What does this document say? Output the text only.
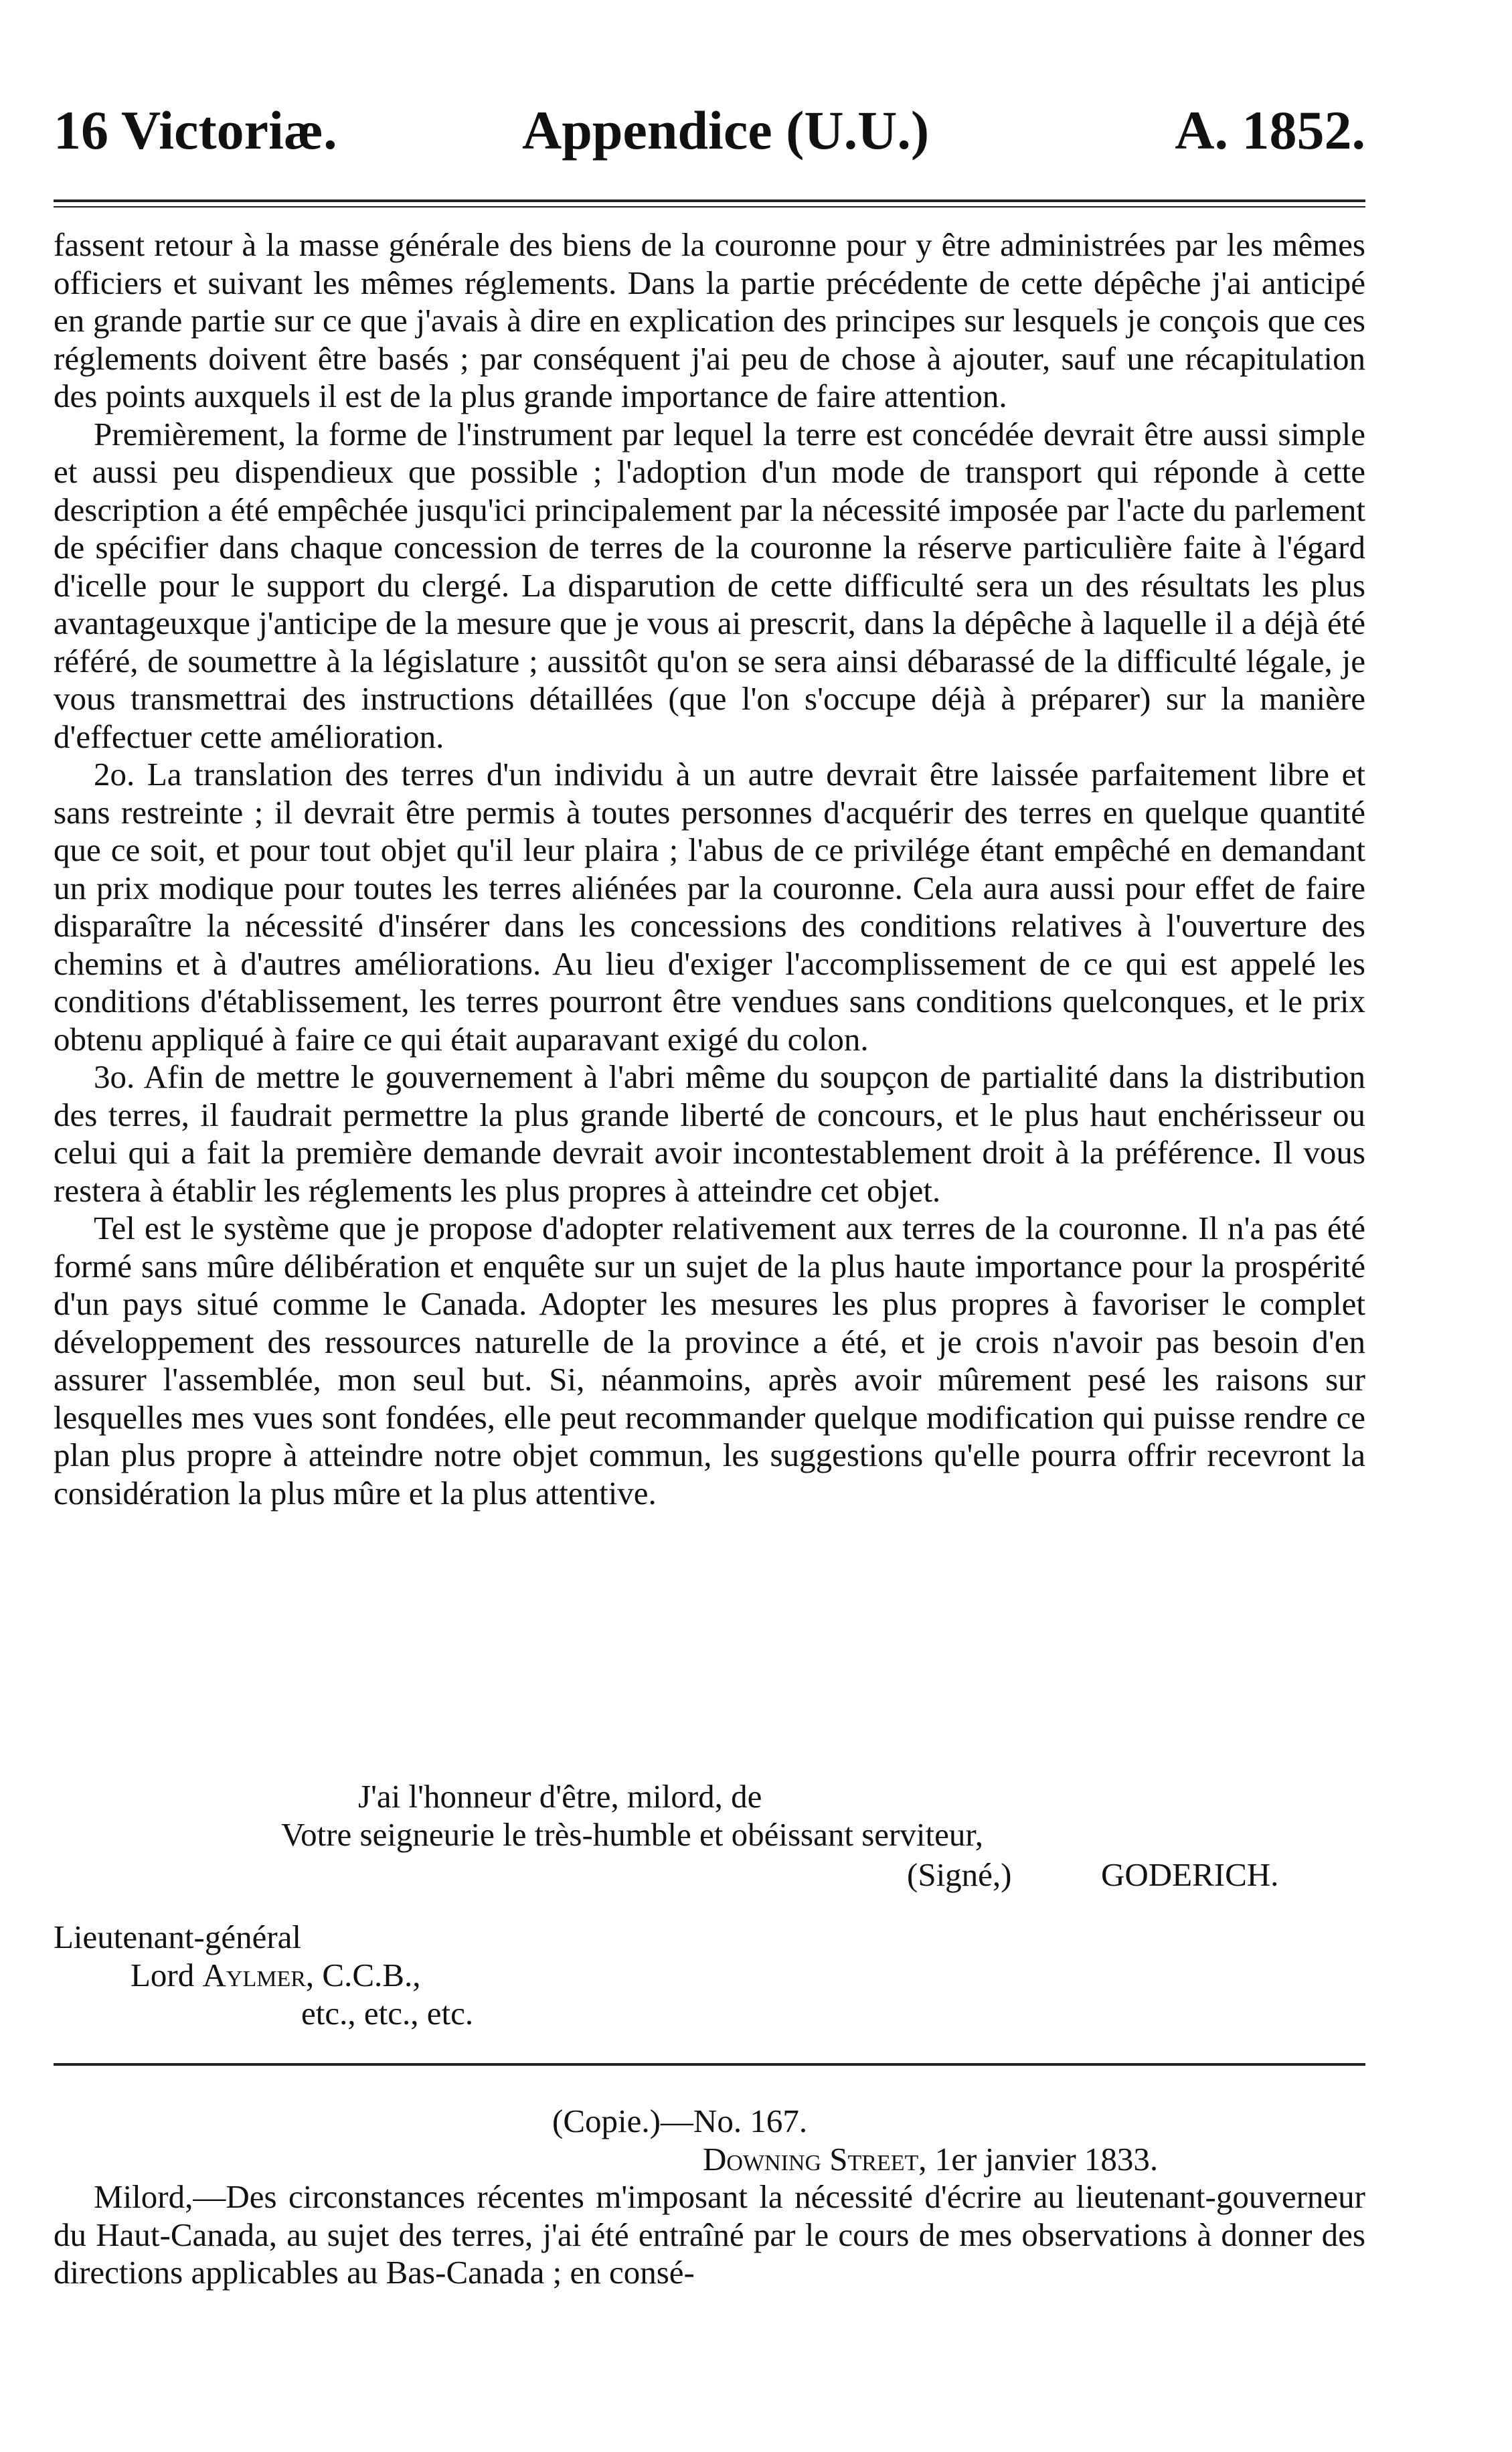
16 Victoriæ.	Appendice (U.U.)	A. 1852.

fassent retour à la masse générale des biens de la couronne pour y être administrées par les mêmes officiers et suivant les mêmes réglements. Dans la partie précédente de cette dépêche j'ai anticipé en grande partie sur ce que j'avais à dire en explication des principes sur lesquels je conçois que ces réglements doivent être basés ; par conséquent j'ai peu de chose à ajouter, sauf une récapitulation des points auxquels il est de la plus grande importance de faire attention.

Premièrement, la forme de l'instrument par lequel la terre est concédée devrait être aussi simple et aussi peu dispendieux que possible ; l'adoption d'un mode de transport qui réponde à cette description a été empêchée jusqu'ici principalement par la nécessité imposée par l'acte du parlement de spécifier dans chaque concession de terres de la couronne la réserve particulière faite à l'égard d'icelle pour le support du clergé. La disparution de cette difficulté sera un des résultats les plus avantageuxque j'anticipe de la mesure que je vous ai prescrit, dans la dépêche à laquelle il a déjà été référé, de soumettre à la législature ; aussitôt qu'on se sera ainsi débarassé de la difficulté légale, je vous transmettrai des instructions détaillées (que l'on s'occupe déjà à préparer) sur la manière d'effectuer cette amélioration.

2o. La translation des terres d'un individu à un autre devrait être laissée parfaitement libre et sans restreinte ; il devrait être permis à toutes personnes d'acquérir des terres en quelque quantité que ce soit, et pour tout objet qu'il leur plaira ; l'abus de ce privilége étant empêché en demandant un prix modique pour toutes les terres aliénées par la couronne. Cela aura aussi pour effet de faire disparaître la nécessité d'insérer dans les concessions des conditions relatives à l'ouverture des chemins et à d'autres améliorations. Au lieu d'exiger l'accomplissement de ce qui est appelé les conditions d'établissement, les terres pourront être vendues sans conditions quelconques, et le prix obtenu appliqué à faire ce qui était auparavant exigé du colon.

3o. Afin de mettre le gouvernement à l'abri même du soupçon de partialité dans la distribution des terres, il faudrait permettre la plus grande liberté de concours, et le plus haut enchérisseur ou celui qui a fait la première demande devrait avoir incontestablement droit à la préférence. Il vous restera à établir les réglements les plus propres à atteindre cet objet.

Tel est le système que je propose d'adopter relativement aux terres de la couronne. Il n'a pas été formé sans mûre délibération et enquête sur un sujet de la plus haute importance pour la prospérité d'un pays situé comme le Canada. Adopter les mesures les plus propres à favoriser le complet développement des ressources naturelle de la province a été, et je crois n'avoir pas besoin d'en assurer l'assemblée, mon seul but. Si, néanmoins, après avoir mûrement pesé les raisons sur lesquelles mes vues sont fondées, elle peut recommander quelque modification qui puisse rendre ce plan plus propre à atteindre notre objet commun, les suggestions qu'elle pourra offrir recevront la considération la plus mûre et la plus attentive.

J'ai l'honneur d'être, milord, de
Votre seigneurie le très-humble et obéissant serviteur,
(Signé,)	GODERICH.
Lieutenant-général
Lord Aylmer, C.C.B.,
etc., etc., etc.
(Copie.)—No. 167.
Downing Street, 1er janvier 1833.

Milord,—Des circonstances récentes m'imposant la nécessité d'écrire au lieutenant-gouverneur du Haut-Canada, au sujet des terres, j'ai été entraîné par le cours de mes observations à donner des directions applicables au Bas-Canada ; en consé-
